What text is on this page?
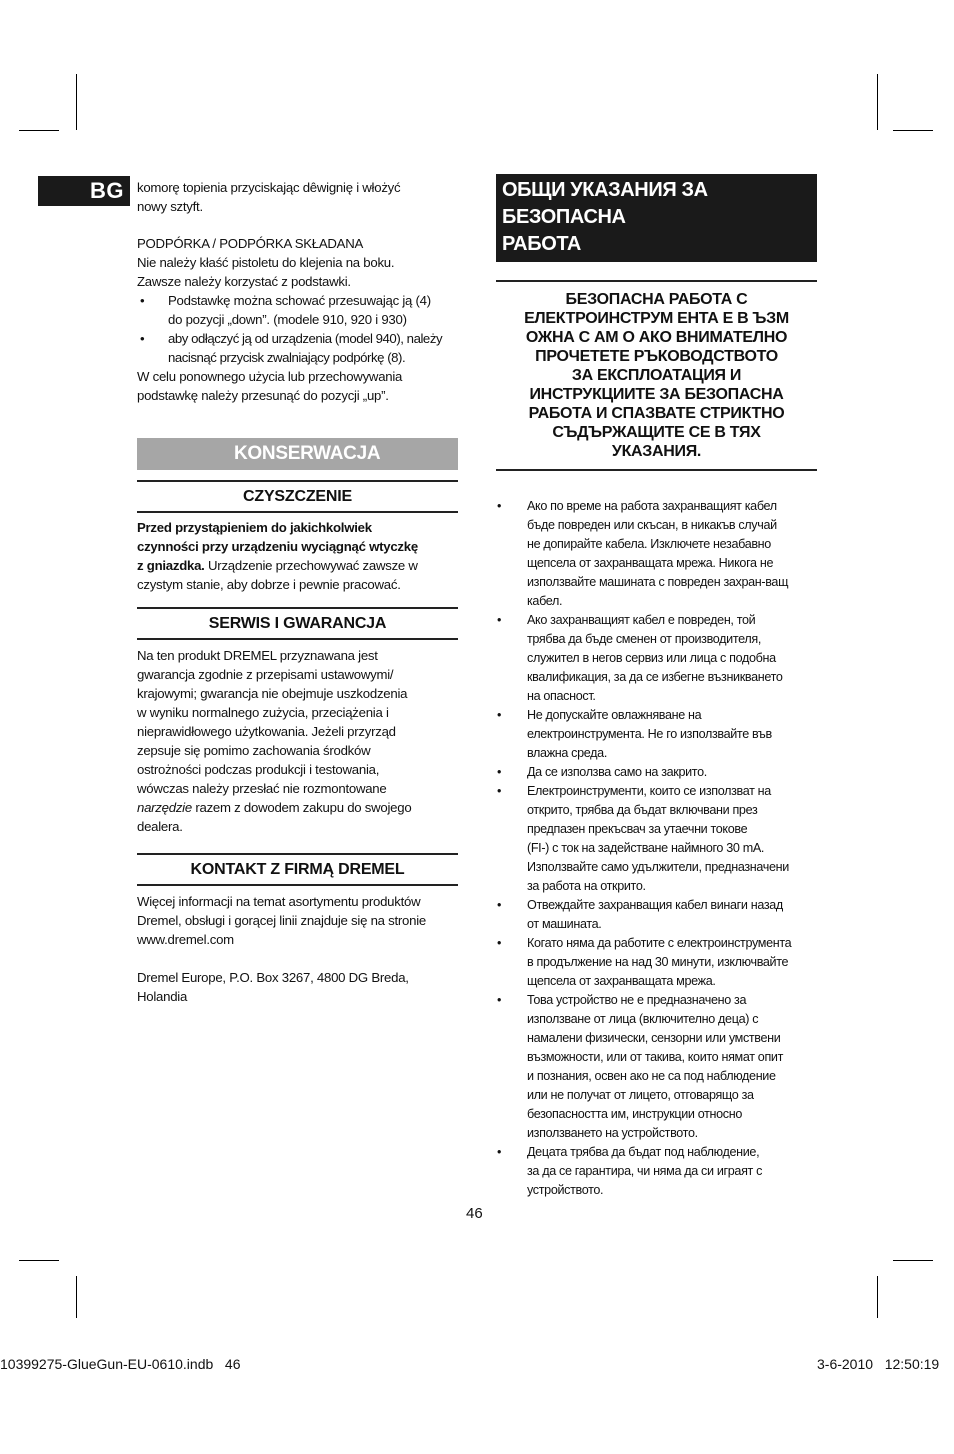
BG komorę topienia przyciskając dêwignię i włożyć
nowy sztyft.

PODPÓRKA / PODPÓRKA SKŁADANA

Nie należy kłaść pistoletu do klejenia na boku.
Zawsze należy korzystać z podstawki.

• Podstawkę można schować przesuwając ją (4)
do pozycji „down”. (modele 910, 920 i 930)
• aby odłączyć ją od urządzenia (model 940), należy
nacisnąć przycisk zwalniający podpórkę (8).

W celu ponownego użycia lub przechowywania
podstawkę należy przesunąć do pozycji „up”.

KONSERWACJA
CZYSZCZENIE

Przed przystąpieniem do jakichkolwiek
czynności przy urządzeniu wyciągnąć wtyczkę
z gniazdka. Urządzenie przechowywać zawsze w
czystym stanie, aby dobrze i pewnie pracować.

SERWIS I GWARANCJA

Na ten produkt DREMEL przyznawana jest
gwarancja zgodnie z przepisami ustawowymi/
krajowymi; gwarancja nie obejmuje uszkodzenia
w wyniku normalnego zużycia, przeciążenia i
nieprawidłowego użytkowania. Jeżeli przyrząd
zepsuje się pomimo zachowania środków
ostrożności podczas produkcji i testowania,
wówczas należy przesłać nie rozmontowane
narzędzie razem z dowodem zakupu do swojego
dealera.

KONTAKT Z FIRMĄ DREMEL

Więcej informacji na temat asortymentu produktów
Dremel, obsługi i gorącej linii znajduje się na stronie
www.dremel.com

Dremel Europe, P.O. Box 3267, 4800 DG Breda,
Holandia

ОБЩИ УКАЗАНИЯ ЗА БЕЗОПАСНА
РАБОТА
БЕЗОПАСНА РАБОТА С
ЕЛЕКТРОИНСТРУМ ЕНТА Е В ЪЗМ
ОЖНА С АМ О АКО ВНИМАТЕЛНО
ПРОЧЕТЕТЕ РЪКОВОДСТВОТО
ЗА ЕКСПЛОАТАЦИЯ И
ИНСТРУКЦИИТЕ ЗА БЕЗОПАСНА
РАБОТА И СПАЗВАТЕ СТРИКТНО
СЪДЪРЖАЩИТЕ СЕ В ТЯХ
УКАЗАНИЯ.
• Ако по време на работа захранващият кабел
бъде повреден или скъсан, в никакъв случай
не допирайте кабела. Изключете незабавно
щепсела от захранващата мрежа. Никога не
използвайте машината с повреден захран-ващ
кабел.
• Ако захранващият кабел е повреден, той
трябва да бъде сменен от производителя,
служител в негов сервиз или лица с подобна
квалификация, за да се избегне възникването
на опасност.
• Не допускайте овлажняване на
електроинструмента. Не го използвайте във
влажна среда.
• Да се използва само на закрито.
• Електроинструменти, които се използват на
открито, трябва да бъдат включвани през
предпазен прекъсвач за утаечни токове
(FI-) с ток на задействане наймного 30 mA.
Използвайте само удължители, предназначени
за работа на открито.
• Отвеждайте захранващия кабел винаги назад
от машината.
• Когато няма да работите с електроинструмента
в продължение на над 30 минути, изключвайте
щепсела от захранващата мрежа.
• Това устройство не е предназначено за
използване от лица (включително деца) с
намалени физически, сензорни или умствени
възможности, или от такива, които нямат опит
и познания, освен ако не са под наблюдение
или не получат от лицето, отговарящо за
безопасността им, инструкции относно
използването на устройството.
• Децата трябва да бъдат под наблюдение,
за да се гарантира, чи няма да си играят с
устройството.
46
10399275-GlueGun-EU-0610.indb   46	3-6-2010   12:50:19
